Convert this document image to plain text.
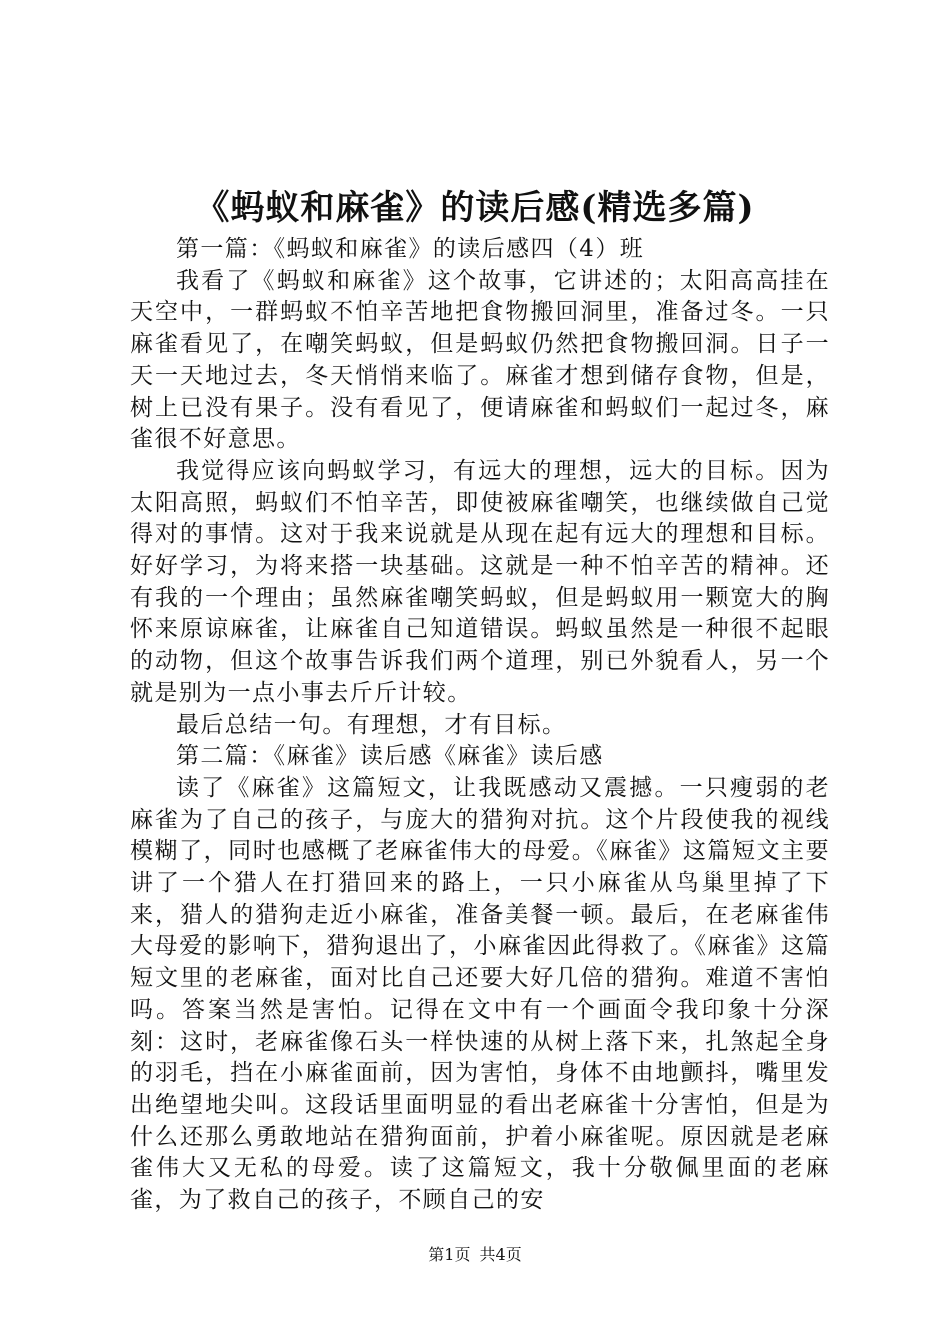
《蚂蚁和麻雀》的读后感(精选多篇)

第一篇：《蚂蚁和麻雀》的读后感四（4）班

我看了《蚂蚁和麻雀》这个故事，它讲述的；太阳高高挂在天空中，一群蚂蚁不怕辛苦地把食物搬回洞里，准备过冬。一只麻雀看见了，在嘲笑蚂蚁，但是蚂蚁仍然把食物搬回洞。日子一天一天地过去，冬天悄悄来临了。麻雀才想到储存食物，但是，树上已没有果子。没有看见了，便请麻雀和蚂蚁们一起过冬，麻雀很不好意思。

我觉得应该向蚂蚁学习，有远大的理想，远大的目标。因为太阳高照，蚂蚁们不怕辛苦，即使被麻雀嘲笑，也继续做自己觉得对的事情。这对于我来说就是从现在起有远大的理想和目标。好好学习，为将来搭一块基础。这就是一种不怕辛苦的精神。还有我的一个理由；虽然麻雀嘲笑蚂蚁，但是蚂蚁用一颗宽大的胸怀来原谅麻雀，让麻雀自己知道错误。蚂蚁虽然是一种很不起眼的动物，但这个故事告诉我们两个道理，别已外貌看人，另一个就是别为一点小事去斤斤计较。

最后总结一句。有理想，才有目标。

第二篇：《麻雀》读后感《麻雀》读后感

读了《麻雀》这篇短文，让我既感动又震撼。一只瘦弱的老麻雀为了自己的孩子，与庞大的猎狗对抗。这个片段使我的视线模糊了，同时也感概了老麻雀伟大的母爱。《麻雀》这篇短文主要讲了一个猎人在打猎回来的路上，一只小麻雀从鸟巢里掉了下来，猎人的猎狗走近小麻雀，准备美餐一顿。最后，在老麻雀伟大母爱的影响下，猎狗退出了，小麻雀因此得救了。《麻雀》这篇短文里的老麻雀，面对比自己还要大好几倍的猎狗。难道不害怕吗。答案当然是害怕。记得在文中有一个画面令我印象十分深刻：这时，老麻雀像石头一样快速的从树上落下来，扎煞起全身的羽毛，挡在小麻雀面前，因为害怕，身体不由地颤抖，嘴里发出绝望地尖叫。这段话里面明显的看出老麻雀十分害怕，但是为什么还那么勇敢地站在猎狗面前，护着小麻雀呢。原因就是老麻雀伟大又无私的母爱。读了这篇短文，我十分敬佩里面的老麻雀，为了救自己的孩子，不顾自己的安

第1页 共4页
